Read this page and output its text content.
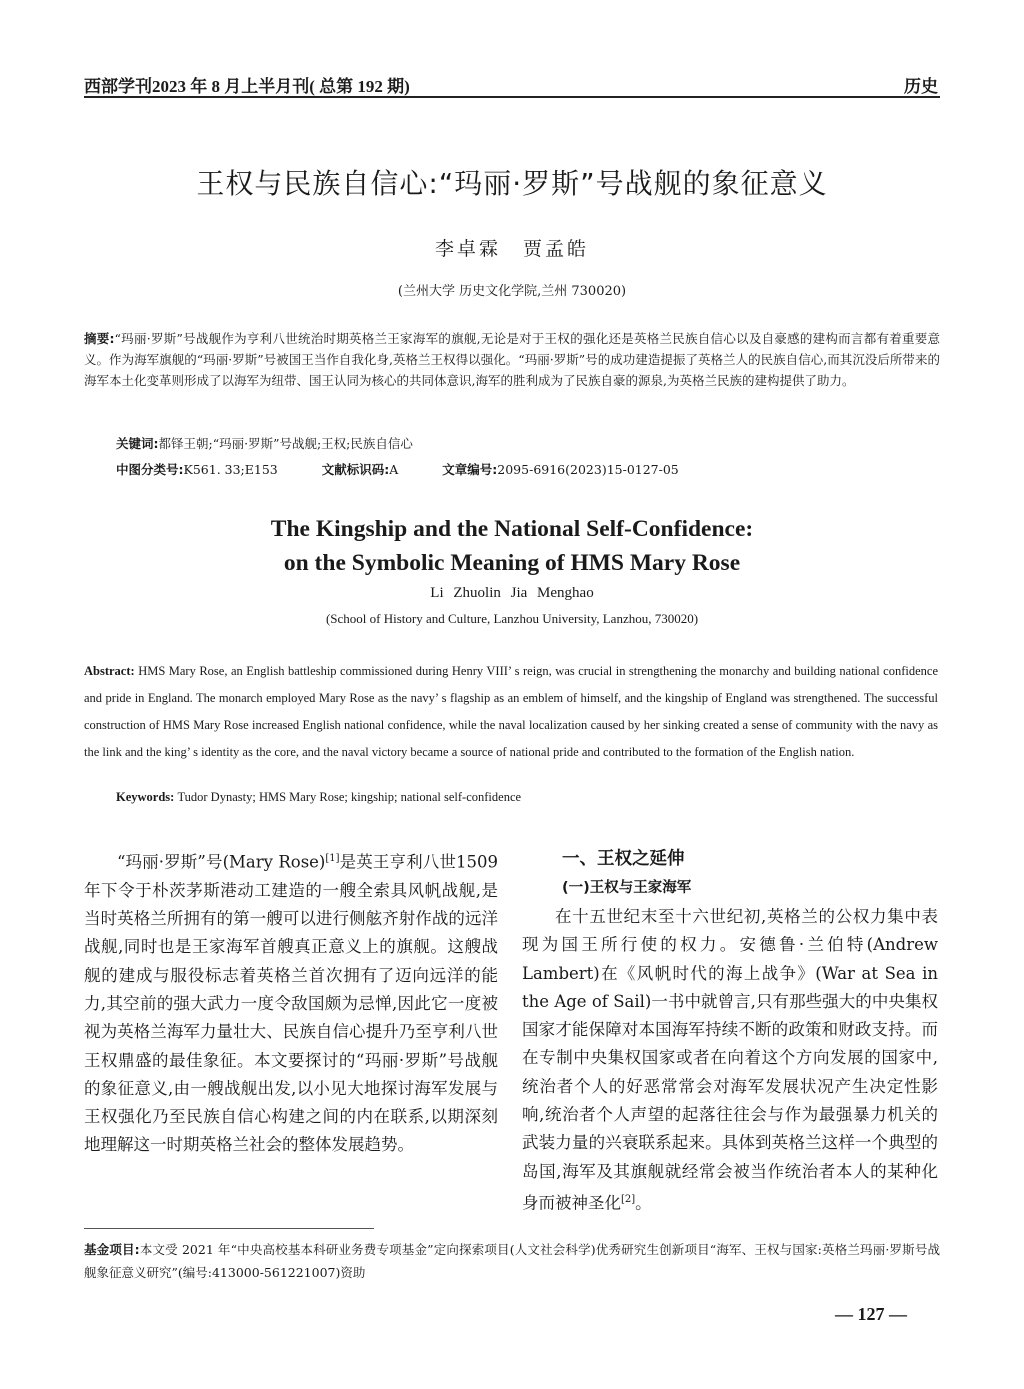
西部学刊2023 年 8 月上半月刊( 总第 192 期)	历史
王权与民族自信心:“玛丽·罗斯”号战舰的象征意义
李卓霖　贾孟皓
(兰州大学 历史文化学院,兰州 730020)
摘要:“玛丽·罗斯”号战舰作为亨利八世统治时期英格兰王家海军的旗舰,无论是对于王权的强化还是英格兰民族自信心以及自豪感的建构而言都有着重要意义。作为海军旗舰的“玛丽·罗斯”号被国王当作自我化身,英格兰王权得以强化。“玛丽·罗斯”号的成功建造提振了英格兰人的民族自信心,而其沉没后所带来的海军本土化变革则形成了以海军为纽带、国王认同为核心的共同体意识,海军的胜利成为了民族自豪的源泉,为英格兰民族的建构提供了助力。
关键词:都铎王朝;“玛丽·罗斯”号战舰;王权;民族自信心
中图分类号:K561. 33;E153	文献标识码:A	文章编号:2095-6916(2023)15-0127-05
The Kingship and the National Self-Confidence:
on the Symbolic Meaning of HMS Mary Rose
Li Zhuolin Jia Menghao
(School of History and Culture, Lanzhou University, Lanzhou, 730020)
Abstract: HMS Mary Rose, an English battleship commissioned during Henry VIII’ s reign, was crucial in strengthening the monarchy and building national confidence and pride in England. The monarch employed Mary Rose as the navy’ s flagship as an emblem of himself, and the kingship of England was strengthened. The successful construction of HMS Mary Rose increased English national confidence, while the naval localization caused by her sinking created a sense of community with the navy as the link and the king’ s identity as the core, and the naval victory became a source of national pride and contributed to the formation of the English nation.
Keywords: Tudor Dynasty; HMS Mary Rose; kingship; national self-confidence

“玛丽·罗斯”号(Mary Rose)[1]是英王亨利八世1509 年下令于朴茨茅斯港动工建造的一艘全索具风帆战舰,是当时英格兰所拥有的第一艘可以进行侧舷齐射作战的远洋战舰,同时也是王家海军首艘真正意义上的旗舰。这艘战舰的建成与服役标志着英格兰首次拥有了迈向远洋的能力,其空前的强大武力一度令敌国颇为忌惮,因此它一度被视为英格兰海军力量壮大、民族自信心提升乃至亨利八世王权鼎盛的最佳象征。本文要探讨的“玛丽·罗斯”号战舰的象征意义,由一艘战舰出发,以小见大地探讨海军发展与王权强化乃至民族自信心构建之间的内在联系,以期深刻地理解这一时期英格兰社会的整体发展趋势。

一、王权之延伸
(一)王权与王家海军

在十五世纪末至十六世纪初,英格兰的公权力集中表现为国王所行使的权力。安德鲁·兰伯特(Andrew Lambert)在《风帆时代的海上战争》(War at Sea in the Age of Sail)一书中就曾言,只有那些强大的中央集权国家才能保障对本国海军持续不断的政策和财政支持。而在专制中央集权国家或者在向着这个方向发展的国家中,统治者个人的好恶常常会对海军发展状况产生决定性影响,统治者个人声望的起落往往会与作为最强暴力机关的武装力量的兴衰联系起来。具体到英格兰这样一个典型的岛国,海军及其旗舰就经常会被当作统治者本人的某种化身而被神圣化[2]。

基金项目:本文受 2021 年“中央高校基本科研业务费专项基金”定向探索项目(人文社会科学)优秀研究生创新项目“海军、王权与国家:英格兰玛丽·罗斯号战舰象征意义研究”(编号:413000-561221007)资助
— 127 —
